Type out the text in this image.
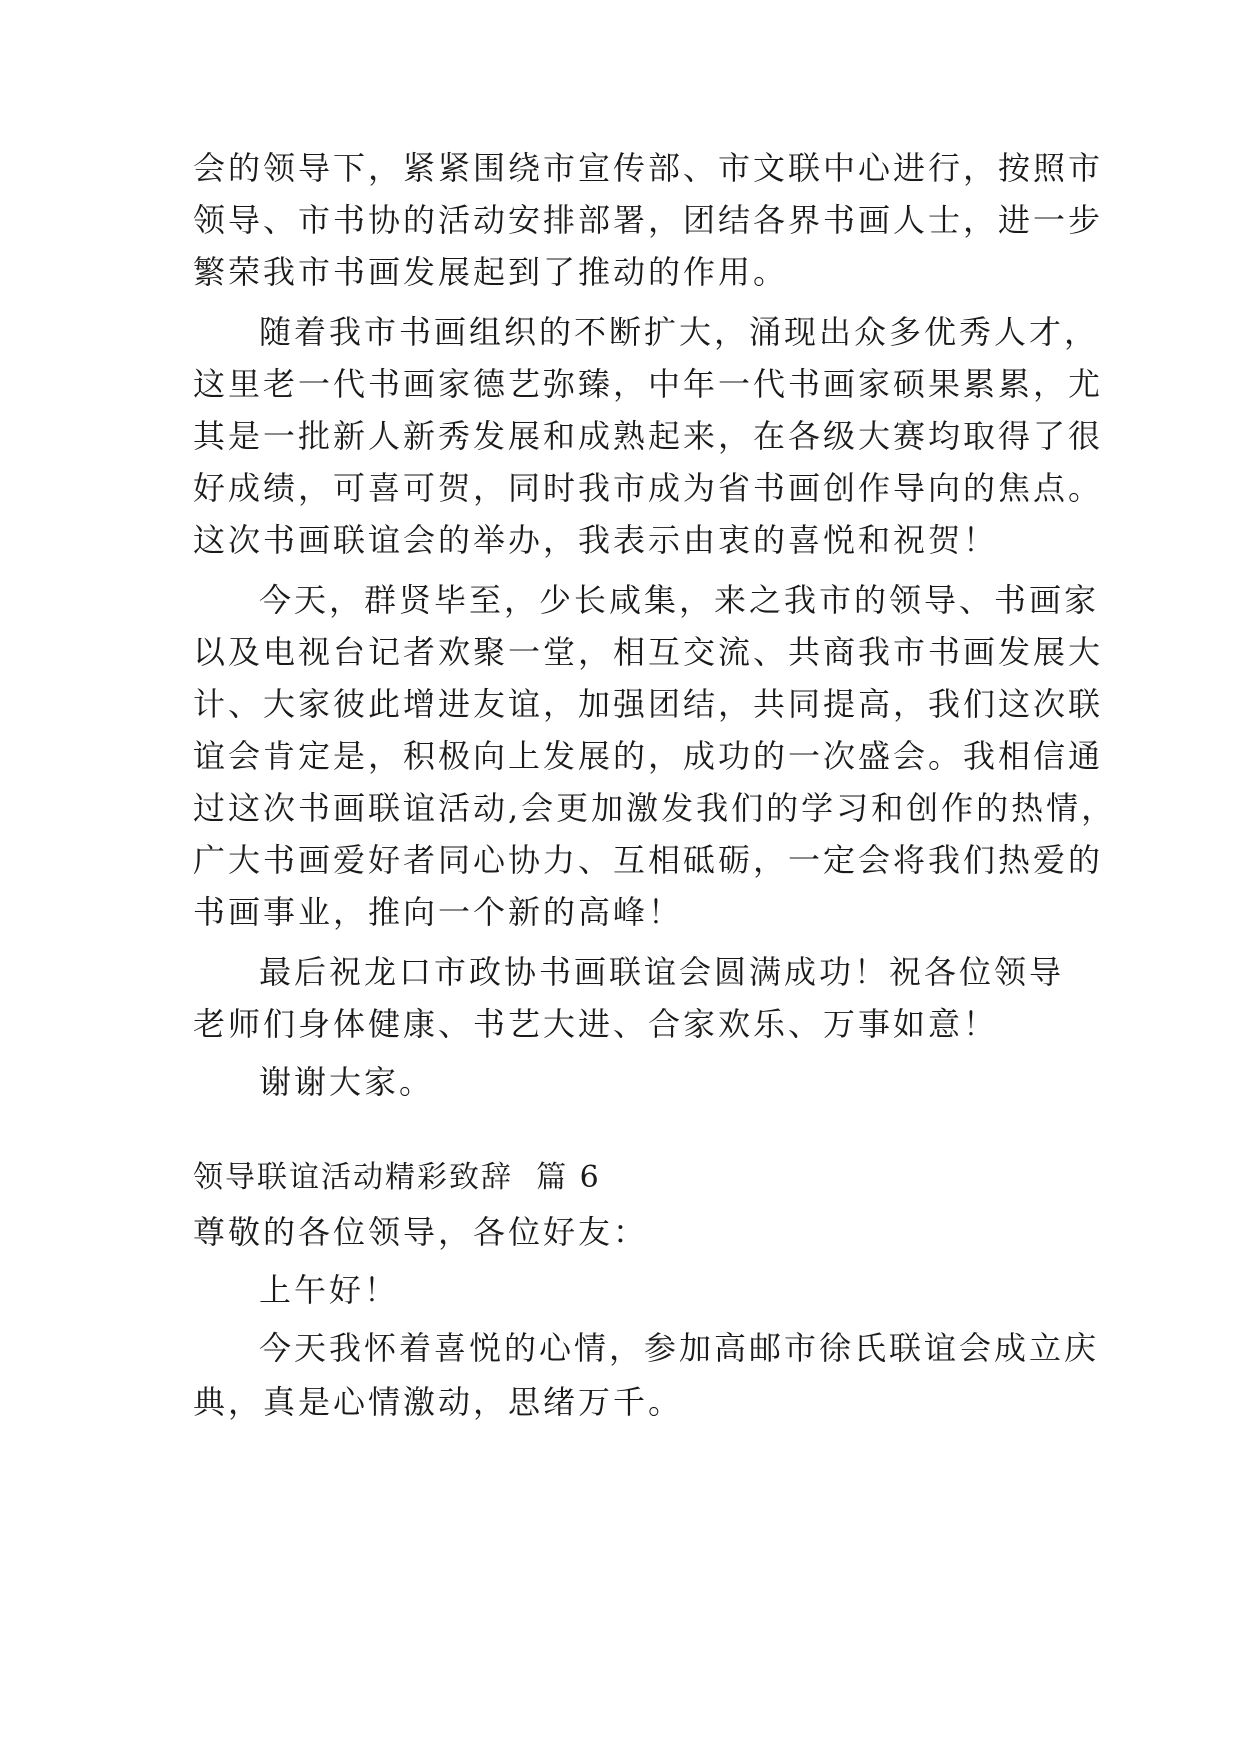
会的领导下，紧紧围绕市宣传部、市文联中心进行，按照市
领导、市书协的活动安排部署，团结各界书画人士，进一步
繁荣我市书画发展起到了推动的作用。
随着我市书画组织的不断扩大，涌现出众多优秀人才，
这里老一代书画家德艺弥臻，中年一代书画家硕果累累，尤
其是一批新人新秀发展和成熟起来，在各级大赛均取得了很
好成绩，可喜可贺，同时我市成为省书画创作导向的焦点。
这次书画联谊会的举办，我表示由衷的喜悦和祝贺！
今天，群贤毕至，少长咸集，来之我市的领导、书画家
以及电视台记者欢聚一堂，相互交流、共商我市书画发展大
计、大家彼此增进友谊，加强团结，共同提高，我们这次联
谊会肯定是，积极向上发展的，成功的一次盛会。我相信通
过这次书画联谊活动,会更加激发我们的学习和创作的热情，
广大书画爱好者同心协力、互相砥砺，一定会将我们热爱的
书画事业，推向一个新的高峰！
最后祝龙口市政协书画联谊会圆满成功！祝各位领导
老师们身体健康、书艺大进、合家欢乐、万事如意！
谢谢大家。
领导联谊活动精彩致辞  篇 6
尊敬的各位领导，各位好友：
上午好！
今天我怀着喜悦的心情，参加高邮市徐氏联谊会成立庆
典，真是心情激动，思绪万千。
